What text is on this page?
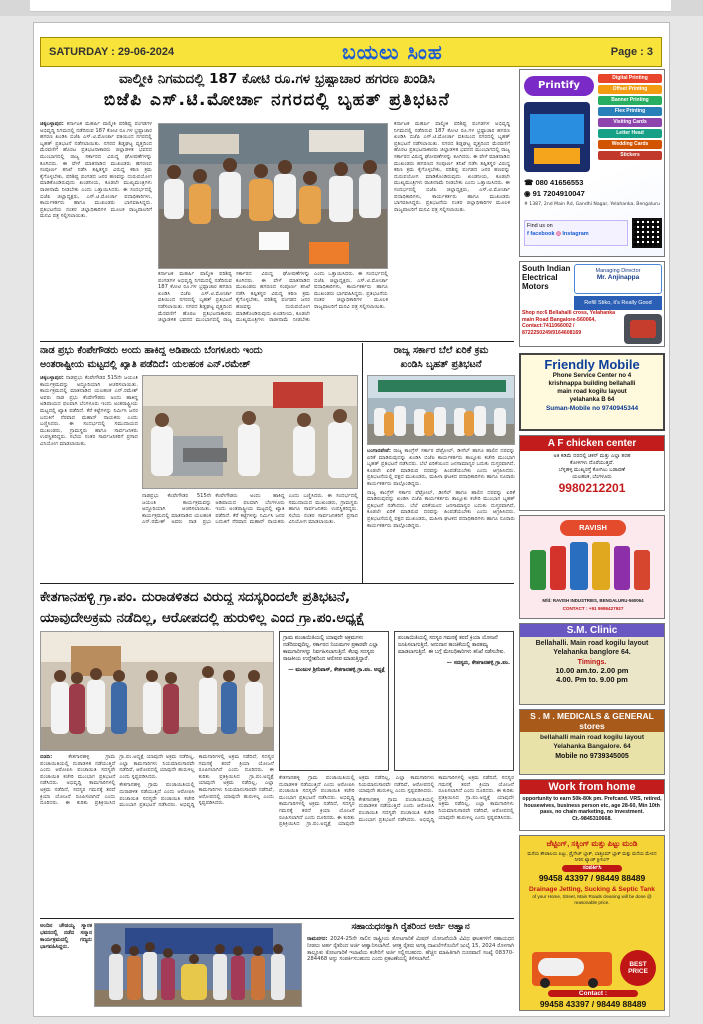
SATURDAY : 29-06-2024	ಬಯಲು ಸಿಂಹ	Page : 3
ವಾಲ್ಮೀಕಿ ನಿಗಮದಲ್ಲಿ 187 ಕೋಟಿ ರೂ.ಗಳ ಭ್ರಷ್ಟಾಚಾರ ಹಗರಣ ಖಂಡಿಸಿ
ಬಿಜೆಪಿ ಎಸ್.ಟಿ.ಮೋರ್ಚಾ ನಗರದಲ್ಲಿ ಬೃಹತ್ ಪ್ರತಿಭಟನೆ

ಚಿಕ್ಕಬಳ್ಳಾಪುರ: ಕರ್ನಾಟಕ ಮಹರ್ಷಿ ವಾಲ್ಮೀಕಿ ಪರಿಶಿಷ್ಟ ಪಂಗಡಗಳ ಅಭಿವೃದ್ಧಿ ನಿಗಮದಲ್ಲಿ ನಡೆದಿರುವ 187 ಕೋಟಿ ರೂ.ಗಳ ಭ್ರಷ್ಟಾಚಾರ ಹಗರಣ ಖಂಡಿಸಿ ಬಿಜೆಪಿ ಎಸ್.ಟಿ.ಮೋರ್ಚಾ ವತಿಯಿಂದ ನಗರದಲ್ಲಿ ಬೃಹತ್ ಪ್ರತಿಭಟನೆ ನಡೆಸಲಾಯಿತು. ನಗರದ ಶಿಡ್ಲಘಟ್ಟ ವೃತ್ತದಿಂದ ಮೆರವಣಿಗೆ ಹೊರಟ ಪ್ರತಿಭಟನಾಕಾರರು ಜಿಲ್ಲಾಡಳಿತ ಭವನದ ಮುಂಭಾಗದಲ್ಲಿ ರಾಜ್ಯ ಸರ್ಕಾರದ ವಿರುದ್ಧ ಘೋಷಣೆಗಳನ್ನು ಕೂಗಿದರು. ಈ ವೇಳೆ ಮಾತನಾಡಿದ ಮುಖಂಡರು ಹಗರಣದ ಸಂಪೂರ್ಣ ತನಿಖೆ ನಡೆಸಿ ತಪ್ಪಿತಸ್ಥರ ವಿರುದ್ಧ ಕಠಿಣ ಕ್ರಮ ಕೈಗೊಳ್ಳಬೇಕು, ಪರಿಶಿಷ್ಟ ಪಂಗಡದ ಜನರ ಹಣವನ್ನು ದುರುಪಯೋಗ ಮಾಡಿಕೊಂಡಿರುವುದು ಖಂಡನೀಯ, ಕೂಡಲೇ ಮುಖ್ಯಮಂತ್ರಿಗಳು ರಾಜೀನಾಮೆ ನೀಡಬೇಕು ಎಂದು ಒತ್ತಾಯಿಸಿದರು. ಈ ಸಂದರ್ಭದಲ್ಲಿ ಬಿಜೆಪಿ ಜಿಲ್ಲಾಧ್ಯಕ್ಷರು, ಎಸ್.ಟಿ.ಮೋರ್ಚಾ ಪದಾಧಿಕಾರಿಗಳು, ಕಾರ್ಯಕರ್ತರು ಹಾಗೂ ಮುಖಂಡರು ಭಾಗವಹಿಸಿದ್ದರು. ಪ್ರತಿಭಟನೆಯ ನಂತರ ಜಿಲ್ಲಾಧಿಕಾರಿಗಳ ಮೂಲಕ ರಾಜ್ಯಪಾಲರಿಗೆ ಮನವಿ ಪತ್ರ ಸಲ್ಲಿಸಲಾಯಿತು.

ಕರ್ನಾಟಕ ಮಹರ್ಷಿ ವಾಲ್ಮೀಕಿ ಪರಿಶಿಷ್ಟ ಪಂಗಡಗಳ ಅಭಿವೃದ್ಧಿ ನಿಗಮದಲ್ಲಿ ನಡೆದಿರುವ 187 ಕೋಟಿ ರೂ.ಗಳ ಭ್ರಷ್ಟಾಚಾರ ಹಗರಣ ಖಂಡಿಸಿ ಬಿಜೆಪಿ ಎಸ್.ಟಿ.ಮೋರ್ಚಾ ವತಿಯಿಂದ ನಗರದಲ್ಲಿ ಬೃಹತ್ ಪ್ರತಿಭಟನೆ ನಡೆಸಲಾಯಿತು. ನಗರದ ಶಿಡ್ಲಘಟ್ಟ ವೃತ್ತದಿಂದ ಮೆರವಣಿಗೆ ಹೊರಟ ಪ್ರತಿಭಟನಾಕಾರರು ಜಿಲ್ಲಾಡಳಿತ ಭವನದ ಮುಂಭಾಗದಲ್ಲಿ ರಾಜ್ಯ ಸರ್ಕಾರದ ವಿರುದ್ಧ ಘೋಷಣೆಗಳನ್ನು ಕೂಗಿದರು. ಈ ವೇಳೆ ಮಾತನಾಡಿದ ಮುಖಂಡರು ಹಗರಣದ ಸಂಪೂರ್ಣ ತನಿಖೆ ನಡೆಸಿ ತಪ್ಪಿತಸ್ಥರ ವಿರುದ್ಧ ಕಠಿಣ ಕ್ರಮ ಕೈಗೊಳ್ಳಬೇಕು, ಪರಿಶಿಷ್ಟ ಪಂಗಡದ ಜನರ ಹಣವನ್ನು ದುರುಪಯೋಗ ಮಾಡಿಕೊಂಡಿರುವುದು ಖಂಡನೀಯ, ಕೂಡಲೇ ಮುಖ್ಯಮಂತ್ರಿಗಳು ರಾಜೀನಾಮೆ ನೀಡಬೇಕು ಎಂದು ಒತ್ತಾಯಿಸಿದರು. ಈ ಸಂದರ್ಭದಲ್ಲಿ ಬಿಜೆಪಿ ಜಿಲ್ಲಾಧ್ಯಕ್ಷರು, ಎಸ್.ಟಿ.ಮೋರ್ಚಾ ಪದಾಧಿಕಾರಿಗಳು, ಕಾರ್ಯಕರ್ತರು ಹಾಗೂ ಮುಖಂಡರು ಭಾಗವಹಿಸಿದ್ದರು. ಪ್ರತಿಭಟನೆಯ ನಂತರ ಜಿಲ್ಲಾಧಿಕಾರಿಗಳ ಮೂಲಕ ರಾಜ್ಯಪಾಲರಿಗೆ ಮನವಿ ಪತ್ರ ಸಲ್ಲಿಸಲಾಯಿತು.

ಕರ್ನಾಟಕ ಮಹರ್ಷಿ ವಾಲ್ಮೀಕಿ ಪರಿಶಿಷ್ಟ ಪಂಗಡಗಳ ಅಭಿವೃದ್ಧಿ ನಿಗಮದಲ್ಲಿ ನಡೆದಿರುವ 187 ಕೋಟಿ ರೂ.ಗಳ ಭ್ರಷ್ಟಾಚಾರ ಹಗರಣ ಖಂಡಿಸಿ ಬಿಜೆಪಿ ಎಸ್.ಟಿ.ಮೋರ್ಚಾ ವತಿಯಿಂದ ನಗರದಲ್ಲಿ ಬೃಹತ್ ಪ್ರತಿಭಟನೆ ನಡೆಸಲಾಯಿತು. ನಗರದ ಶಿಡ್ಲಘಟ್ಟ ವೃತ್ತದಿಂದ ಮೆರವಣಿಗೆ ಹೊರಟ ಪ್ರತಿಭಟನಾಕಾರರು ಜಿಲ್ಲಾಡಳಿತ ಭವನದ ಮುಂಭಾಗದಲ್ಲಿ ರಾಜ್ಯ ಸರ್ಕಾರದ ವಿರುದ್ಧ ಘೋಷಣೆಗಳನ್ನು ಕೂಗಿದರು. ಈ ವೇಳೆ ಮಾತನಾಡಿದ ಮುಖಂಡರು ಹಗರಣದ ಸಂಪೂರ್ಣ ತನಿಖೆ ನಡೆಸಿ ತಪ್ಪಿತಸ್ಥರ ವಿರುದ್ಧ ಕಠಿಣ ಕ್ರಮ ಕೈಗೊಳ್ಳಬೇಕು, ಪರಿಶಿಷ್ಟ ಪಂಗಡದ ಜನರ ಹಣವನ್ನು ದುರುಪಯೋಗ ಮಾಡಿಕೊಂಡಿರುವುದು ಖಂಡನೀಯ, ಕೂಡಲೇ ಮುಖ್ಯಮಂತ್ರಿಗಳು ರಾಜೀನಾಮೆ ನೀಡಬೇಕು ಎಂದು ಒತ್ತಾಯಿಸಿದರು. ಈ ಸಂದರ್ಭದಲ್ಲಿ ಬಿಜೆಪಿ ಜಿಲ್ಲಾಧ್ಯಕ್ಷರು, ಎಸ್.ಟಿ.ಮೋರ್ಚಾ ಪದಾಧಿಕಾರಿಗಳು, ಕಾರ್ಯಕರ್ತರು ಹಾಗೂ ಮುಖಂಡರು ಭಾಗವಹಿಸಿದ್ದರು. ಪ್ರತಿಭಟನೆಯ ನಂತರ ಜಿಲ್ಲಾಧಿಕಾರಿಗಳ ಮೂಲಕ ರಾಜ್ಯಪಾಲರಿಗೆ ಮನವಿ ಪತ್ರ ಸಲ್ಲಿಸಲಾಯಿತು.

ನಾಡ ಪ್ರಭು ಕೆಂಪೇಗೌಡರು ಅಂದು ಹಾಕಿದ್ದ ಅಡಿಪಾಯ ಬೆಂಗಳೂರು ಇಂದು
ಅಂತರಾಷ್ಟ್ರೀಯ ಮಟ್ಟದಲ್ಲಿ ಖ್ಯಾತಿ ಪಡೆದಿದೆ: ಯಲಹಂಕ ಎನ್.ರಮೇಶ್

ಚಿಕ್ಕಬಳ್ಳಾಪುರ: ನಾಡಪ್ರಭು ಕೆಂಪೇಗೌಡರ 515ನೇ ಜಯಂತಿ ಕಾರ್ಯಕ್ರಮವನ್ನು ಅದ್ದೂರಿಯಾಗಿ ಆಚರಿಸಲಾಯಿತು. ಕಾರ್ಯಕ್ರಮದಲ್ಲಿ ಮಾತನಾಡಿದ ಯಲಹಂಕ ಎನ್.ರಮೇಶ್ ಅವರು ನಾಡ ಪ್ರಭು ಕೆಂಪೇಗೌಡರು ಅಂದು ಹಾಕಿದ್ದ ಅಡಿಪಾಯದ ಫಲವಾಗಿ ಬೆಂಗಳೂರು ಇಂದು ಅಂತರಾಷ್ಟ್ರೀಯ ಮಟ್ಟದಲ್ಲಿ ಖ್ಯಾತಿ ಪಡೆದಿದೆ. ಕೆರೆ ಕಟ್ಟೆಗಳನ್ನು ನಿರ್ಮಿಸಿ ಜನರ ಬದುಕಿಗೆ ನೆರವಾದ ಮಹಾನ್ ನಾಯಕರು ಎಂದು ಬಣ್ಣಿಸಿದರು. ಈ ಸಂದರ್ಭದಲ್ಲಿ ಸಮುದಾಯದ ಮುಖಂಡರು, ಗ್ರಾಮಸ್ಥರು ಹಾಗೂ ಸಾರ್ವಜನಿಕರು ಉಪಸ್ಥಿತರಿದ್ದರು. ಸಭೆಯ ನಂತರ ಸಾರ್ವಜನಿಕರಿಗೆ ಪ್ರಸಾದ ವಿನಿಯೋಗ ಮಾಡಲಾಯಿತು.

ನಾಡಪ್ರಭು ಕೆಂಪೇಗೌಡರ 515ನೇ ಜಯಂತಿ ಕಾರ್ಯಕ್ರಮವನ್ನು ಅದ್ದೂರಿಯಾಗಿ ಆಚರಿಸಲಾಯಿತು. ಕಾರ್ಯಕ್ರಮದಲ್ಲಿ ಮಾತನಾಡಿದ ಯಲಹಂಕ ಎನ್.ರಮೇಶ್ ಅವರು ನಾಡ ಪ್ರಭು ಕೆಂಪೇಗೌಡರು ಅಂದು ಹಾಕಿದ್ದ ಅಡಿಪಾಯದ ಫಲವಾಗಿ ಬೆಂಗಳೂರು ಇಂದು ಅಂತರಾಷ್ಟ್ರೀಯ ಮಟ್ಟದಲ್ಲಿ ಖ್ಯಾತಿ ಪಡೆದಿದೆ. ಕೆರೆ ಕಟ್ಟೆಗಳನ್ನು ನಿರ್ಮಿಸಿ ಜನರ ಬದುಕಿಗೆ ನೆರವಾದ ಮಹಾನ್ ನಾಯಕರು ಎಂದು ಬಣ್ಣಿಸಿದರು. ಈ ಸಂದರ್ಭದಲ್ಲಿ ಸಮುದಾಯದ ಮುಖಂಡರು, ಗ್ರಾಮಸ್ಥರು ಹಾಗೂ ಸಾರ್ವಜನಿಕರು ಉಪಸ್ಥಿತರಿದ್ದರು. ಸಭೆಯ ನಂತರ ಸಾರ್ವಜನಿಕರಿಗೆ ಪ್ರಸಾದ ವಿನಿಯೋಗ ಮಾಡಲಾಯಿತು.

ರಾಜ್ಯ ಸರ್ಕಾರ ಬೆಲೆ ಏರಿಕೆ ಕ್ರಮ
ಖಂಡಿಸಿ ಬೃಹತ್ ಪ್ರತಿಭಟನೆ

ಬಂಗಾರಪೇಟೆ: ರಾಜ್ಯ ಕಾಂಗ್ರೆಸ್ ಸರ್ಕಾರ ಪೆಟ್ರೋಲ್, ಡೀಸೆಲ್ ಹಾಗೂ ಹಾಲಿನ ದರವನ್ನು ಏರಿಕೆ ಮಾಡಿರುವುದನ್ನು ಖಂಡಿಸಿ ಬಿಜೆಪಿ ಕಾರ್ಯಕರ್ತರು ತಾಲ್ಲೂಕು ಕಚೇರಿ ಮುಂಭಾಗ ಬೃಹತ್ ಪ್ರತಿಭಟನೆ ನಡೆಸಿದರು. ಬೆಲೆ ಏರಿಕೆಯಿಂದ ಜನಸಾಮಾನ್ಯರ ಬದುಕು ದುಸ್ತರವಾಗಿದೆ, ಕೂಡಲೇ ಏರಿಕೆ ಮಾಡಿರುವ ದರವನ್ನು ಹಿಂಪಡೆಯಬೇಕು ಎಂದು ಆಗ್ರಹಿಸಿದರು. ಪ್ರತಿಭಟನೆಯಲ್ಲಿ ಪಕ್ಷದ ಮುಖಂಡರು, ಮಹಿಳಾ ಘಟಕದ ಪದಾಧಿಕಾರಿಗಳು ಹಾಗೂ ನೂರಾರು ಕಾರ್ಯಕರ್ತರು ಪಾಲ್ಗೊಂಡಿದ್ದರು.

ರಾಜ್ಯ ಕಾಂಗ್ರೆಸ್ ಸರ್ಕಾರ ಪೆಟ್ರೋಲ್, ಡೀಸೆಲ್ ಹಾಗೂ ಹಾಲಿನ ದರವನ್ನು ಏರಿಕೆ ಮಾಡಿರುವುದನ್ನು ಖಂಡಿಸಿ ಬಿಜೆಪಿ ಕಾರ್ಯಕರ್ತರು ತಾಲ್ಲೂಕು ಕಚೇರಿ ಮುಂಭಾಗ ಬೃಹತ್ ಪ್ರತಿಭಟನೆ ನಡೆಸಿದರು. ಬೆಲೆ ಏರಿಕೆಯಿಂದ ಜನಸಾಮಾನ್ಯರ ಬದುಕು ದುಸ್ತರವಾಗಿದೆ, ಕೂಡಲೇ ಏರಿಕೆ ಮಾಡಿರುವ ದರವನ್ನು ಹಿಂಪಡೆಯಬೇಕು ಎಂದು ಆಗ್ರಹಿಸಿದರು. ಪ್ರತಿಭಟನೆಯಲ್ಲಿ ಪಕ್ಷದ ಮುಖಂಡರು, ಮಹಿಳಾ ಘಟಕದ ಪದಾಧಿಕಾರಿಗಳು ಹಾಗೂ ನೂರಾರು ಕಾರ್ಯಕರ್ತರು ಪಾಲ್ಗೊಂಡಿದ್ದರು.

ಕೇತಗಾನಹಳ್ಳಿ ಗ್ರಾ.ಪಂ. ದುರಾಡಳಿತದ ವಿರುದ್ಧ ಸದಸ್ಯರಿಂದಲೇ ಪ್ರತಿಭಟನೆ,
ಯಾವುದೇಅಕ್ರಮ ನಡೆದಿಲ್ಲ, ಆರೋಪದಲ್ಲಿ ಹುರುಳಿಲ್ಲ ಎಂದ ಗ್ರಾ.ಪಂ.ಅಧ್ಯಕ್ಷೆ

ಬಿಡದಿ:	ಕೇತಗಾನಹಳ್ಳಿ ಗ್ರಾಮ ಪಂಚಾಯಿತಿಯಲ್ಲಿ ದುರಾಡಳಿತ ನಡೆಯುತ್ತಿದೆ ಎಂದು ಆರೋಪಿಸಿ ಪಂಚಾಯಿತಿ ಸದಸ್ಯರೇ ಪಂಚಾಯಿತಿ ಕಚೇರಿ ಮುಂಭಾಗ ಪ್ರತಿಭಟನೆ ನಡೆಸಿದರು. ಅಭಿವೃದ್ಧಿ ಕಾಮಗಾರಿಗಳಲ್ಲಿ ಅಕ್ರಮ ನಡೆದಿದೆ, ಸದಸ್ಯರ ಗಮನಕ್ಕೆ ತರದೆ ಕ್ರಿಯಾ ಯೋಜನೆ ರೂಪಿಸಲಾಗಿದೆ ಎಂದು ದೂರಿದರು. ಈ ಕುರಿತು ಪ್ರತಿಕ್ರಿಯಿಸಿದ ಗ್ರಾ.ಪಂ.ಅಧ್ಯಕ್ಷೆ ಯಾವುದೇ ಅಕ್ರಮ ನಡೆದಿಲ್ಲ, ಎಲ್ಲಾ ಕಾಮಗಾರಿಗಳು ನಿಯಮಾನುಸಾರವೇ ನಡೆದಿವೆ, ಆರೋಪದಲ್ಲಿ ಯಾವುದೇ ಹುರುಳಿಲ್ಲ ಎಂದು ಸ್ಪಷ್ಟಪಡಿಸಿದರು.

ಕೇತಗಾನಹಳ್ಳಿ ಗ್ರಾಮ ಪಂಚಾಯಿತಿಯಲ್ಲಿ ದುರಾಡಳಿತ ನಡೆಯುತ್ತಿದೆ ಎಂದು ಆರೋಪಿಸಿ ಪಂಚಾಯಿತಿ ಸದಸ್ಯರೇ ಪಂಚಾಯಿತಿ ಕಚೇರಿ ಮುಂಭಾಗ ಪ್ರತಿಭಟನೆ ನಡೆಸಿದರು. ಅಭಿವೃದ್ಧಿ ಕಾಮಗಾರಿಗಳಲ್ಲಿ ಅಕ್ರಮ ನಡೆದಿದೆ, ಸದಸ್ಯರ ಗಮನಕ್ಕೆ ತರದೆ ಕ್ರಿಯಾ ಯೋಜನೆ ರೂಪಿಸಲಾಗಿದೆ ಎಂದು ದೂರಿದರು. ಈ ಕುರಿತು ಪ್ರತಿಕ್ರಿಯಿಸಿದ ಗ್ರಾ.ಪಂ.ಅಧ್ಯಕ್ಷೆ ಯಾವುದೇ ಅಕ್ರಮ ನಡೆದಿಲ್ಲ, ಎಲ್ಲಾ ಕಾಮಗಾರಿಗಳು ನಿಯಮಾನುಸಾರವೇ ನಡೆದಿವೆ, ಆರೋಪದಲ್ಲಿ ಯಾವುದೇ ಹುರುಳಿಲ್ಲ ಎಂದು ಸ್ಪಷ್ಟಪಡಿಸಿದರು.

ಗ್ರಾಮ ಪಂಚಾಯಿತಿಯಲ್ಲಿ ಯಾವುದೇ ಅಕ್ರಮಗಳು ನಡೆದಿರುವುದಿಲ್ಲ, ಸರ್ಕಾರದ ನಿಯಮಗಳ ಪ್ರಕಾರವೇ ಎಲ್ಲಾ ಕಾಮಗಾರಿಗಳನ್ನು ನಿರ್ವಹಿಸಲಾಗುತ್ತಿದೆ. ಕೆಲವು ಸದಸ್ಯರು ರಾಜಕೀಯ ಉದ್ದೇಶದಿಂದ ಆರೋಪ ಮಾಡುತ್ತಿದ್ದಾರೆ.
— ಮಂಜುಳ ಶ್ರೀನಿವಾಸ್, ಕೇತಗಾನಹಳ್ಳಿ ಗ್ರಾ.ಪಂ. ಅಧ್ಯಕ್ಷೆ
ಪಂಚಾಯಿತಿಯಲ್ಲಿ ಸದಸ್ಯರ ಗಮನಕ್ಕೆ ತರದೆ ಕ್ರಿಯಾ ಯೋಜನೆ ರೂಪಿಸಲಾಗುತ್ತಿದೆ, ಅನುದಾನ ಹಂಚಿಕೆಯಲ್ಲಿ ತಾರತಮ್ಯ ಮಾಡಲಾಗುತ್ತಿದೆ. ಈ ಬಗ್ಗೆ ಮೇಲಧಿಕಾರಿಗಳು ತನಿಖೆ ನಡೆಸಬೇಕು.
— ಸದಸ್ಯರು, ಕೇತಗಾನಹಳ್ಳಿ ಗ್ರಾ.ಪಂ.

ಕೇತಗಾನಹಳ್ಳಿ ಗ್ರಾಮ ಪಂಚಾಯಿತಿಯಲ್ಲಿ ದುರಾಡಳಿತ ನಡೆಯುತ್ತಿದೆ ಎಂದು ಆರೋಪಿಸಿ ಪಂಚಾಯಿತಿ ಸದಸ್ಯರೇ ಪಂಚಾಯಿತಿ ಕಚೇರಿ ಮುಂಭಾಗ ಪ್ರತಿಭಟನೆ ನಡೆಸಿದರು. ಅಭಿವೃದ್ಧಿ ಕಾಮಗಾರಿಗಳಲ್ಲಿ ಅಕ್ರಮ ನಡೆದಿದೆ, ಸದಸ್ಯರ ಗಮನಕ್ಕೆ ತರದೆ ಕ್ರಿಯಾ ಯೋಜನೆ ರೂಪಿಸಲಾಗಿದೆ ಎಂದು ದೂರಿದರು. ಈ ಕುರಿತು ಪ್ರತಿಕ್ರಿಯಿಸಿದ ಗ್ರಾ.ಪಂ.ಅಧ್ಯಕ್ಷೆ ಯಾವುದೇ ಅಕ್ರಮ ನಡೆದಿಲ್ಲ, ಎಲ್ಲಾ ಕಾಮಗಾರಿಗಳು ನಿಯಮಾನುಸಾರವೇ ನಡೆದಿವೆ, ಆರೋಪದಲ್ಲಿ ಯಾವುದೇ ಹುರುಳಿಲ್ಲ ಎಂದು ಸ್ಪಷ್ಟಪಡಿಸಿದರು.

ಕೇತಗಾನಹಳ್ಳಿ ಗ್ರಾಮ ಪಂಚಾಯಿತಿಯಲ್ಲಿ ದುರಾಡಳಿತ ನಡೆಯುತ್ತಿದೆ ಎಂದು ಆರೋಪಿಸಿ ಪಂಚಾಯಿತಿ ಸದಸ್ಯರೇ ಪಂಚಾಯಿತಿ ಕಚೇರಿ ಮುಂಭಾಗ ಪ್ರತಿಭಟನೆ ನಡೆಸಿದರು. ಅಭಿವೃದ್ಧಿ ಕಾಮಗಾರಿಗಳಲ್ಲಿ ಅಕ್ರಮ ನಡೆದಿದೆ, ಸದಸ್ಯರ ಗಮನಕ್ಕೆ ತರದೆ ಕ್ರಿಯಾ ಯೋಜನೆ ರೂಪಿಸಲಾಗಿದೆ ಎಂದು ದೂರಿದರು. ಈ ಕುರಿತು ಪ್ರತಿಕ್ರಿಯಿಸಿದ ಗ್ರಾ.ಪಂ.ಅಧ್ಯಕ್ಷೆ ಯಾವುದೇ ಅಕ್ರಮ ನಡೆದಿಲ್ಲ, ಎಲ್ಲಾ ಕಾಮಗಾರಿಗಳು ನಿಯಮಾನುಸಾರವೇ ನಡೆದಿವೆ, ಆರೋಪದಲ್ಲಿ ಯಾವುದೇ ಹುರುಳಿಲ್ಲ ಎಂದು ಸ್ಪಷ್ಟಪಡಿಸಿದರು.

ಅಂದಿನ ಚೌಡಯ್ಯ ಸ್ಮಾರಕ ಭವನದಲ್ಲಿ ನಡೆದ ಸನ್ಮಾನ ಕಾರ್ಯಕ್ರಮದಲ್ಲಿ ಗಣ್ಯರು ಭಾಗವಹಿಸಿದ್ದರು.
ಸಹಾಯಧನಕ್ಕಾಗಿ ರೈತರಿಂದ ಅರ್ಜಿ ಆಹ್ವಾನ

ರಾಮನಗರ: 2024-25ನೇ ಸಾಲಿನ ರಾಷ್ಟ್ರೀಯ ತೋಟಗಾರಿಕೆ ಮಿಷನ್ ಯೋಜನೆಯಡಿ ವಿವಿಧ ಘಟಕಗಳಿಗೆ ಸಹಾಯಧನ ನೀಡಲು ಅರ್ಹ ರೈತರಿಂದ ಅರ್ಜಿ ಆಹ್ವಾನಿಸಲಾಗಿದೆ. ಆಸಕ್ತ ರೈತರು ಅಗತ್ಯ ದಾಖಲೆಗಳೊಂದಿಗೆ ಜುಲೈ 15, 2024 ರೊಳಗಾಗಿ ತಾಲ್ಲೂಕು ತೋಟಗಾರಿಕೆ ಇಲಾಖೆಯ ಕಚೇರಿಗೆ ಅರ್ಜಿ ಸಲ್ಲಿಸಬಹುದು. ಹೆಚ್ಚಿನ ಮಾಹಿತಿಗಾಗಿ ದೂರವಾಣಿ ಸಂಖ್ಯೆ 08370-284468 ಅನ್ನು ಸಂಪರ್ಕಿಸಬಹುದು ಎಂದು ಪ್ರಕಟಣೆಯಲ್ಲಿ ತಿಳಿಸಲಾಗಿದೆ.

Printify
Digital Printing
Offset Printing
Banner Printing
Flex Printing
Visiting Cards
Letter Head
Wedding Cards
Stickers
☎ 080 41656553
◉ 91 7204910047
# 1387, 2nd Main Rd, Gandhi Nagar, Yelahanka, Bengaluru
Find us on
f facebook ◎ Instagram
South Indian Electrical Motors
Managing Director
Mr. Anjinappa
Refill Stiko, it's Really Good
Shop no:6 Bellahalli cross, Yelahanka main Road Bangalore-560064, Contact:7411066002 / 8722250249/9164608169
Friendly Mobile
Phone Service Center no 4
krishnappa building bellahalli
main road kogilu layout
yelahanka B 64
Suman-Mobile no 9740945344
A F chicken center
ಅತಿ ಕಡಿಮೆ ದರದಲ್ಲಿ ಚಿಕನ್ ಮತ್ತು ಎಲ್ಲಾ ತರಹ
ಕೋಳಿಗಳು ದೊರೆಯುತ್ತವೆ.
ಬೆಳ್ಳಹಳ್ಳಿ ಮುಖ್ಯರಸ್ತೆ ಕೋಗಿಲು ಬಡಾವಣೆ
ಯಲಹಂಕ, ಬೆಂಗಳೂರು
9980212201
RAVISH
Mfd: RAVISH INDUSTRIES, BENGALURU-560064
CONTACT : +91 9986427927
S.M. Clinic
Bellahalli. Main road kogilu layout Yelahanka banglore 64.
Timings.
10.00 am.to. 2.00 pm
4.00. Pm to. 9.00 pm
S . M . MEDICALS & GENERAL stores
bellahalli main road kogilu layout Yelahanka Bangalore. 64
Mobile no 9739345005
Work from home
opportunity to earn 50k-80k pm. Prefcand. VRS, retired, housewives, business person etc, age 28-60, Min 10th pass, no chain marketing, no investment. Ct.-9845310668.
ಜೆಟ್ಟಿಂಗ್, ಸಕ್ಕಿಂಗ್ ಮತ್ತು ಪಿಟ್ಟು ಮಂಡಿ
ಮನೆಯ ಶೌಚಾಲಯ ಪಿಟ್ಟು, ಡ್ರೈನೇಜ್ ಬ್ಲಾಕ್, ಬಾತ್ರೂಮ್ ಬ್ಲಾಕ್ ಮತ್ತು ಮನೆಯ ಮೇಲಿನ ನೀರಿನ ಟ್ಯಾಂಕ್ ಕ್ಲೀನಿಂಗ್
ಸಂಪರ್ಕಿಸಿ
99458 43397 / 98449 88489
Drainage Jetting, Sucking & Septic Tank
of your Home, Street, Main Roads cleaning will be done @ reasonable price.
BEST PRICE
Contact :
99458 43397 / 98449 88489
